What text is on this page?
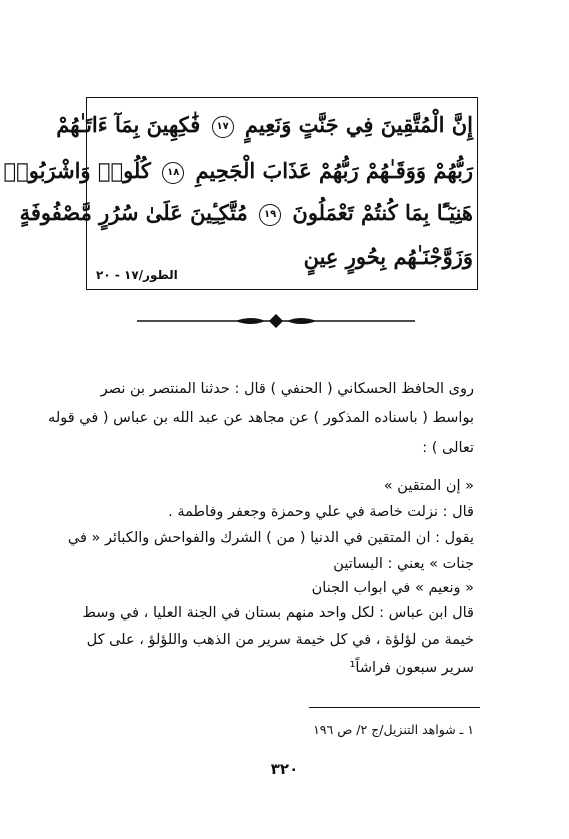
إِنَّ الْمُتَّقِينَ فِي جَنَّتٍ وَنَعِيمٍ ١٧ فَٰكِهِينَ بِمَآ ءَاتَـٰهُمْ
رَبُّهُمْ وَوَقَـٰهُمْ رَبُّهُمْ عَذَابَ الْجَحِيمِ ١٨ كُلُوا۟ وَاشْرَبُوا۟
هَنِيٓـًٔا بِمَا كُنتُمْ تَعْمَلُونَ ١٩ مُتَّكِـِٔينَ عَلَىٰ سُرُرٍ مَّصْفُوفَةٍ
وَزَوَّجْنَـٰهُم بِحُورٍ عِينٍ
الطور/١٧ - ٢٠
روى الحافظ الحسكاني ( الحنفي ) قال : حدثنا المنتصر بن نصر
بواسط ( باسناده المذكور ) عن مجاهد عن عبد الله بن عباس ( في قوله
تعالى ) :
« إن المتقين »
قال : نزلت خاصة في علي وحمزة وجعفر وفاطمة .
يقول : ان المتقين في الدنيا ( من ) الشرك والفواحش والكبائر « في
جنات » يعني : البساتين
« ونعيم » في ابواب الجنان
قال ابن عباس : لكل واحد منهم بستان في الجنة العليا ، في وسط
خيمة من لؤلؤة ، في كل خيمة سرير من الذهب واللؤلؤ ، على كل
سرير سبعون فراشاً¹
١ ـ شواهد التنزيل/ج ٢/ ص ١٩٦
٣٢٠
